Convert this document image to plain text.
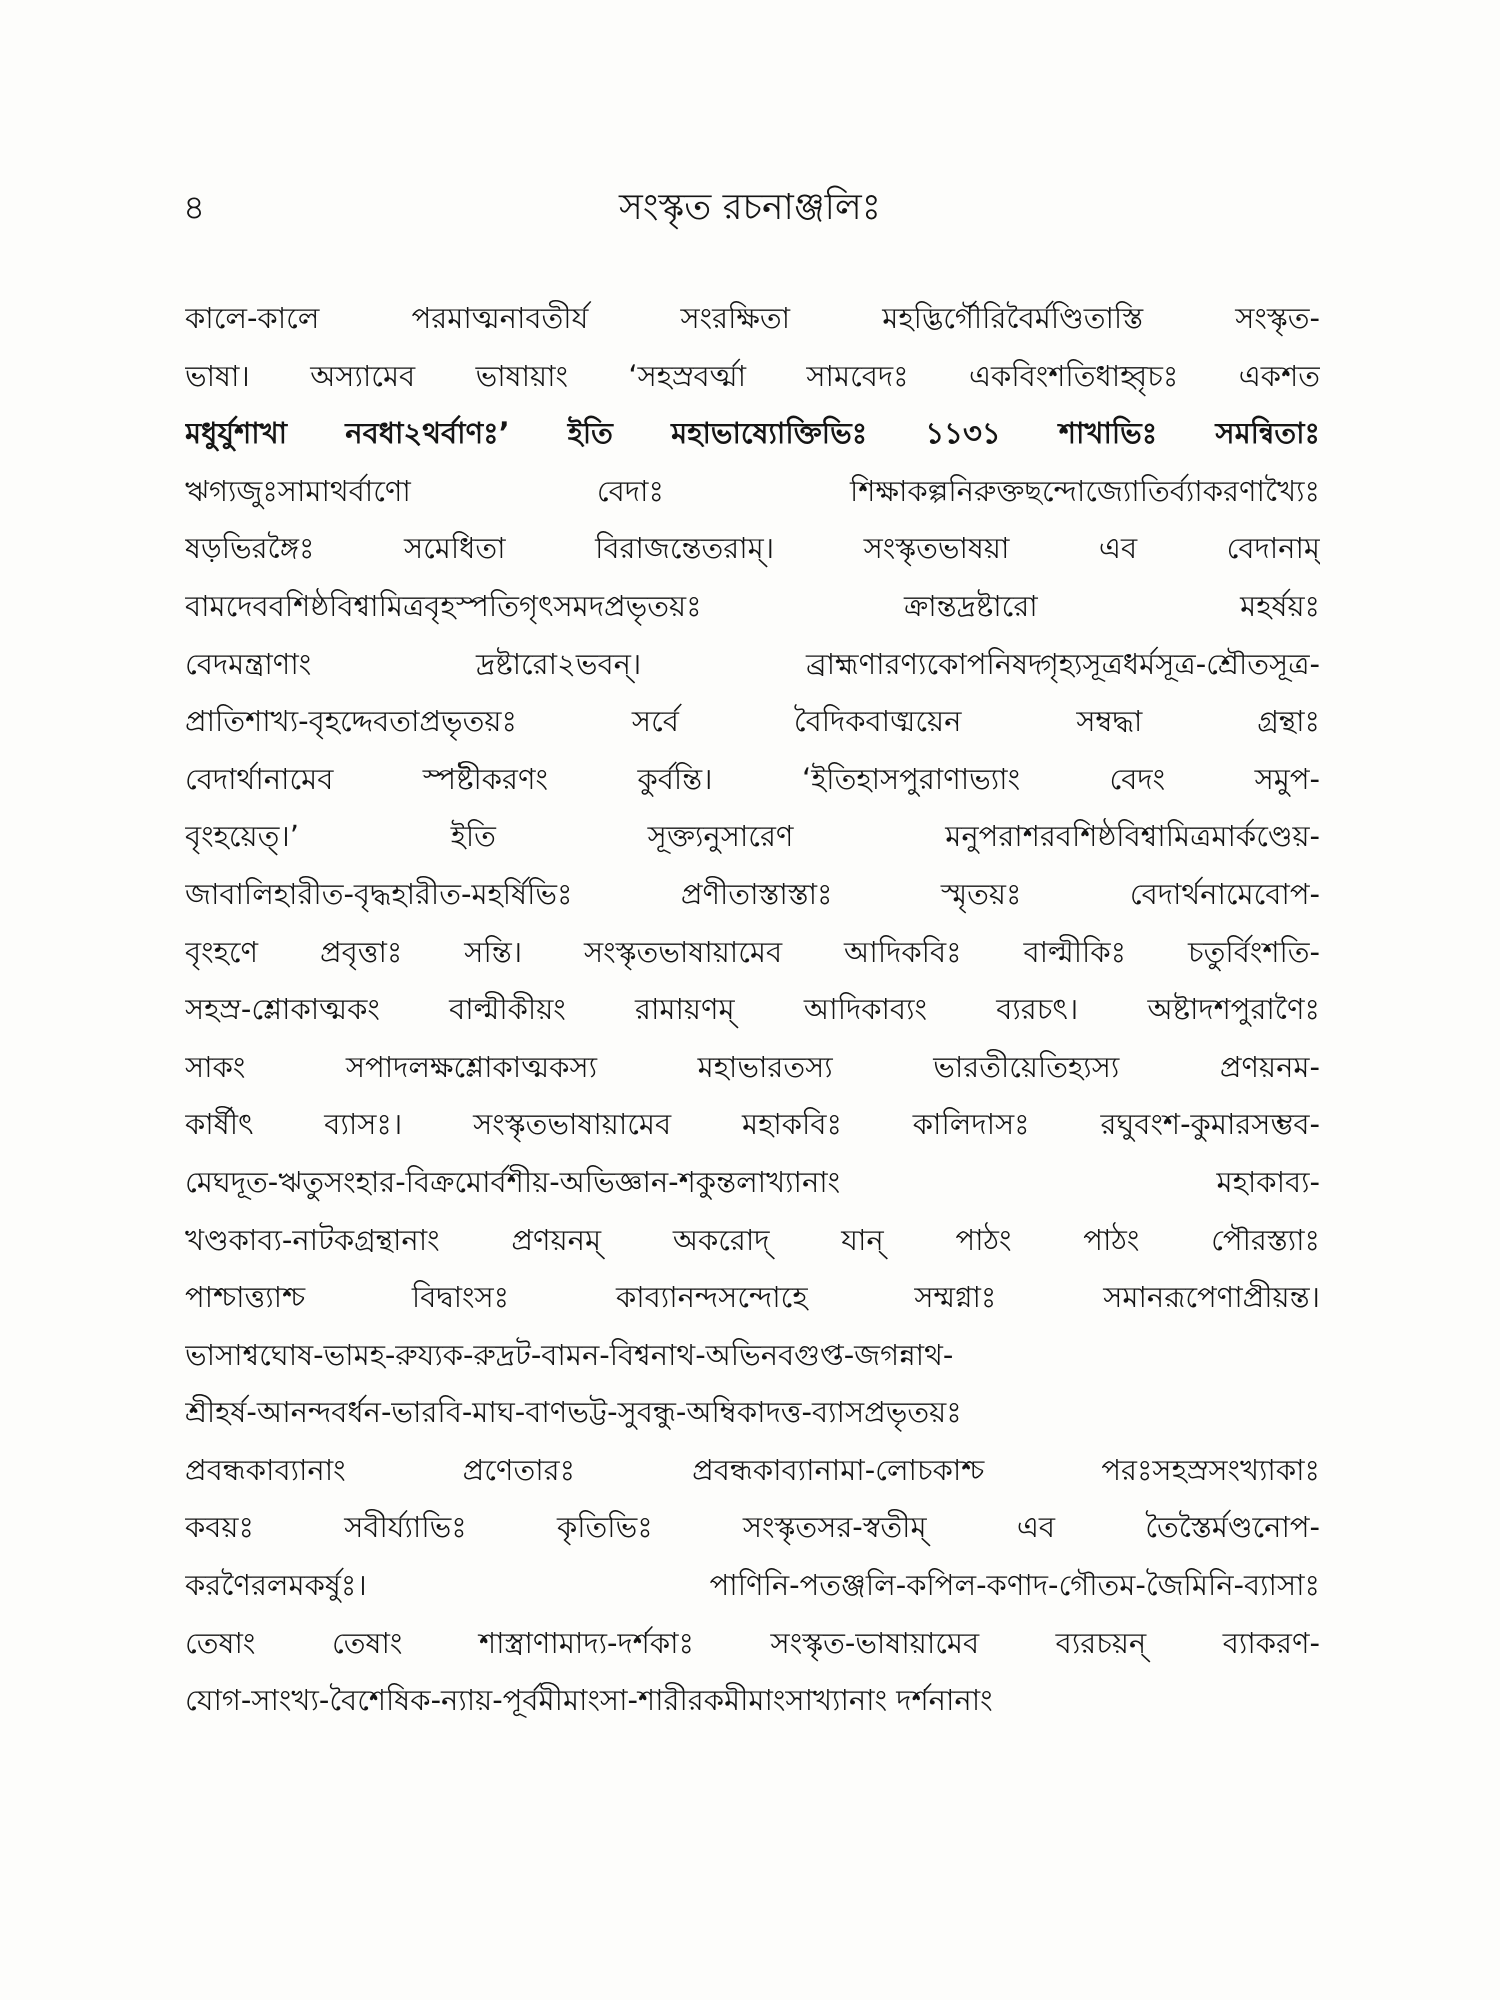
৪	সংস্কৃত রচনাঞ্জলিঃ
কালে-কালে পরমাত্মনাবতীর্য সংরক্ষিতা মহদ্ভির্গৌরিবৈর্মণ্ডিতাস্তি সংস্কৃত-
ভাষা। অস্যামেব ভাষায়াং ‘সহস্রবর্ত্মা সামবেদঃ একবিংশতিধাহ্বৃচঃ একশত
মধুর্যুশাখা নবধা২থর্বাণঃ’ ইতি মহাভাষ্যোক্তিভিঃ ১১৩১ শাখাভিঃ সমন্বিতাঃ
ঋগ্যজুঃসামাথর্বাণো বেদাঃ শিক্ষাকল্পনিরুক্তছন্দোজ্যোতির্ব্যাকরণাখ্যৈঃ
ষড়ভিরঙ্গৈঃ সমেধিতা বিরাজন্তেতরাম্। সংস্কৃতভাষয়া এব বেদানাম্
বামদেববশিষ্ঠবিশ্বামিত্রবৃহস্পতিগৃৎসমদপ্রভৃতয়ঃ ক্রান্তদ্রষ্টারো মহর্ষয়ঃ
বেদমন্ত্রাণাং দ্রষ্টারো২ভবন্। ব্রাহ্মণারণ্যকোপনিষদ্গৃহ্যসূত্রধর্মসূত্র-শ্রৌতসূত্র-
প্রাতিশাখ্য-বৃহদ্দেবতাপ্রভৃতয়ঃ সর্বে বৈদিকবাঙ্ময়েন সম্বদ্ধা গ্রন্থাঃ
বেদার্থানামেব স্পষ্টীকরণং কুর্বন্তি। ‘ইতিহাসপুরাণাভ্যাং বেদং সমুপ-
বৃংহয়েত্।’ ইতি সূক্ত্যনুসারেণ মনুপরাশরবশিষ্ঠবিশ্বামিত্রমার্কণ্ডেয়-
জাবালিহারীত-বৃদ্ধহারীত-মহর্ষিভিঃ প্রণীতাস্তাস্তাঃ স্মৃতয়ঃ বেদার্থনামেবোপ-
বৃংহণে প্রবৃত্তাঃ সন্তি। সংস্কৃতভাষায়ামেব আদিকবিঃ বাল্মীকিঃ চতুর্বিংশতি-
সহস্র-শ্লোকাত্মকং বাল্মীকীয়ং রামায়ণম্ আদিকাব্যং ব্যরচৎ। অষ্টাদশপুরাণৈঃ
সাকং সপাদলক্ষশ্লোকাত্মকস্য মহাভারতস্য ভারতীয়েতিহ্যস্য প্রণয়নম-
কার্ষীৎ ব্যাসঃ। সংস্কৃতভাষায়ামেব মহাকবিঃ কালিদাসঃ রঘুবংশ-কুমারসম্ভব-
মেঘদূত-ঋতুসংহার-বিক্রমোর্বশীয়-অভিজ্ঞান-শকুন্তলাখ্যানাং মহাকাব্য-
খণ্ডকাব্য-নাটকগ্রন্থানাং প্রণয়নম্ অকরোদ্ যান্ পাঠং পাঠং পৌরস্ত্যাঃ
পাশ্চাত্ত্যাশ্চ বিদ্বাংসঃ কাব্যানন্দসন্দোহে সম্মগ্নাঃ সমানরূপেণাপ্রীয়ন্ত।
ভাসাশ্বঘোষ-ভামহ-রুয্যক-রুদ্রট-বামন-বিশ্বনাথ-অভিনবগুপ্ত-জগন্নাথ-
শ্রীহর্ষ-আনন্দবর্ধন-ভারবি-মাঘ-বাণভট্ট-সুবন্ধু-অম্বিকাদত্ত-ব্যাসপ্রভৃতয়ঃ
প্রবন্ধকাব্যানাং প্রণেতারঃ প্রবন্ধকাব্যানামা-লোচকাশ্চ পরঃসহস্রসংখ্যাকাঃ
কবয়ঃ সবীর্য্যাভিঃ কৃতিভিঃ সংস্কৃতসর-স্বতীম্ এব তৈস্তৈর্মণ্ডনোপ-
করণৈরলমকর্ষুঃ। পাণিনি-পতঞ্জলি-কপিল-কণাদ-গৌতম-জৈমিনি-ব্যাসাঃ
তেষাং তেষাং শাস্ত্রাণামাদ্য-দর্শকাঃ সংস্কৃত-ভাষায়ামেব ব্যরচয়ন্ ব্যাকরণ-
যোগ-সাংখ্য-বৈশেষিক-ন্যায়-পূর্বমীমাংসা-শারীরকমীমাংসাখ্যানাং দর্শনানাং
